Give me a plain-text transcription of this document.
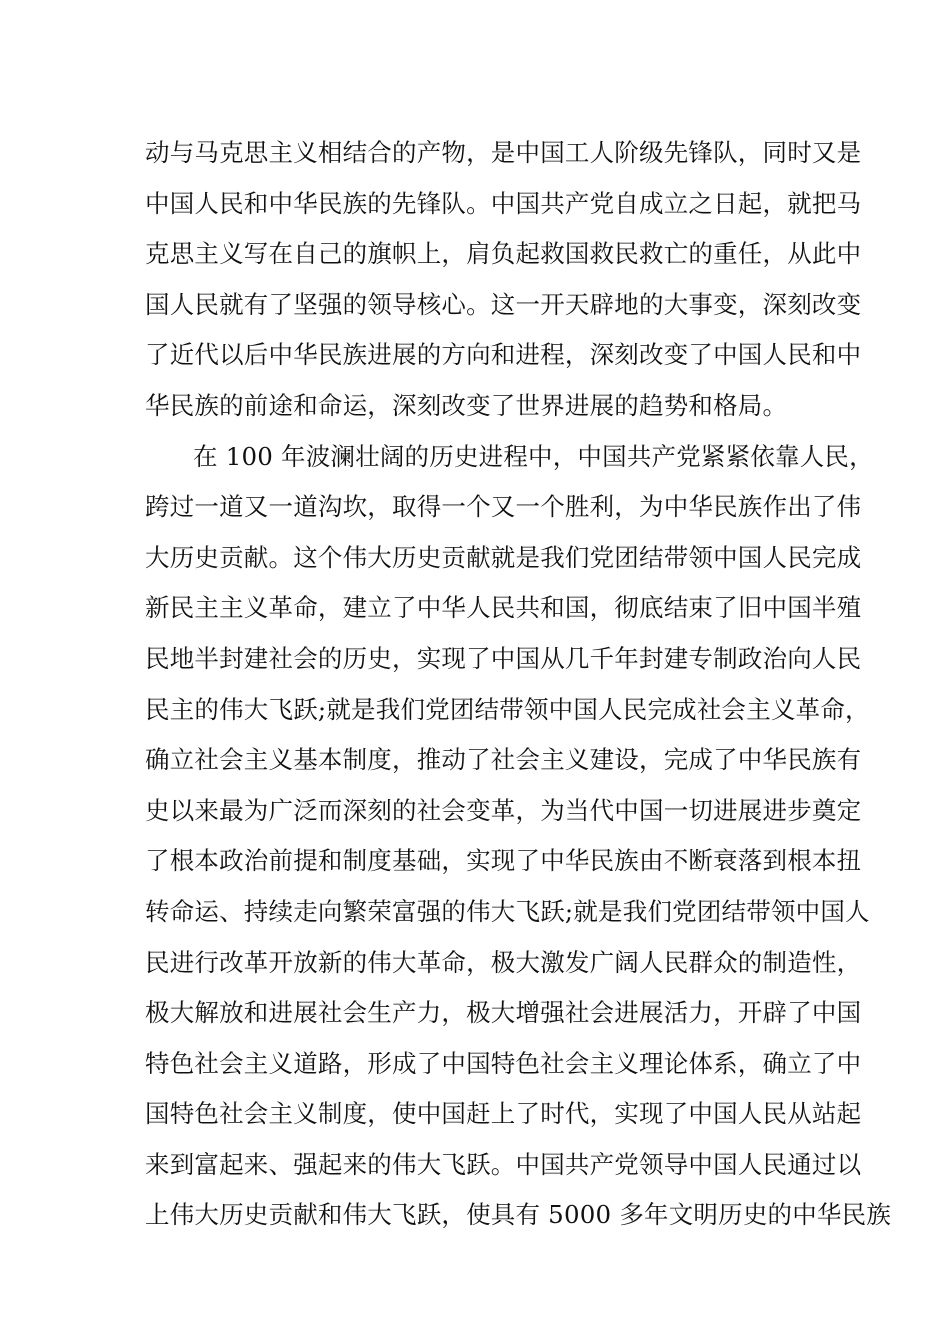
动与马克思主义相结合的产物，是中国工人阶级先锋队，同时又是
中国人民和中华民族的先锋队。中国共产党自成立之日起，就把马
克思主义写在自己的旗帜上，肩负起救国救民救亡的重任，从此中
国人民就有了坚强的领导核心。这一开天辟地的大事变，深刻改变
了近代以后中华民族进展的方向和进程，深刻改变了中国人民和中
华民族的前途和命运，深刻改变了世界进展的趋势和格局。
在 100 年波澜壮阔的历史进程中，中国共产党紧紧依靠人民，
跨过一道又一道沟坎，取得一个又一个胜利，为中华民族作出了伟
大历史贡献。这个伟大历史贡献就是我们党团结带领中国人民完成
新民主主义革命，建立了中华人民共和国，彻底结束了旧中国半殖
民地半封建社会的历史，实现了中国从几千年封建专制政治向人民
民主的伟大飞跃;就是我们党团结带领中国人民完成社会主义革命，
确立社会主义基本制度，推动了社会主义建设，完成了中华民族有
史以来最为广泛而深刻的社会变革，为当代中国一切进展进步奠定
了根本政治前提和制度基础，实现了中华民族由不断衰落到根本扭
转命运、持续走向繁荣富强的伟大飞跃;就是我们党团结带领中国人
民进行改革开放新的伟大革命，极大激发广阔人民群众的制造性，
极大解放和进展社会生产力，极大增强社会进展活力，开辟了中国
特色社会主义道路，形成了中国特色社会主义理论体系，确立了中
国特色社会主义制度，使中国赶上了时代，实现了中国人民从站起
来到富起来、强起来的伟大飞跃。中国共产党领导中国人民通过以
上伟大历史贡献和伟大飞跃，使具有 5000 多年文明历史的中华民族
